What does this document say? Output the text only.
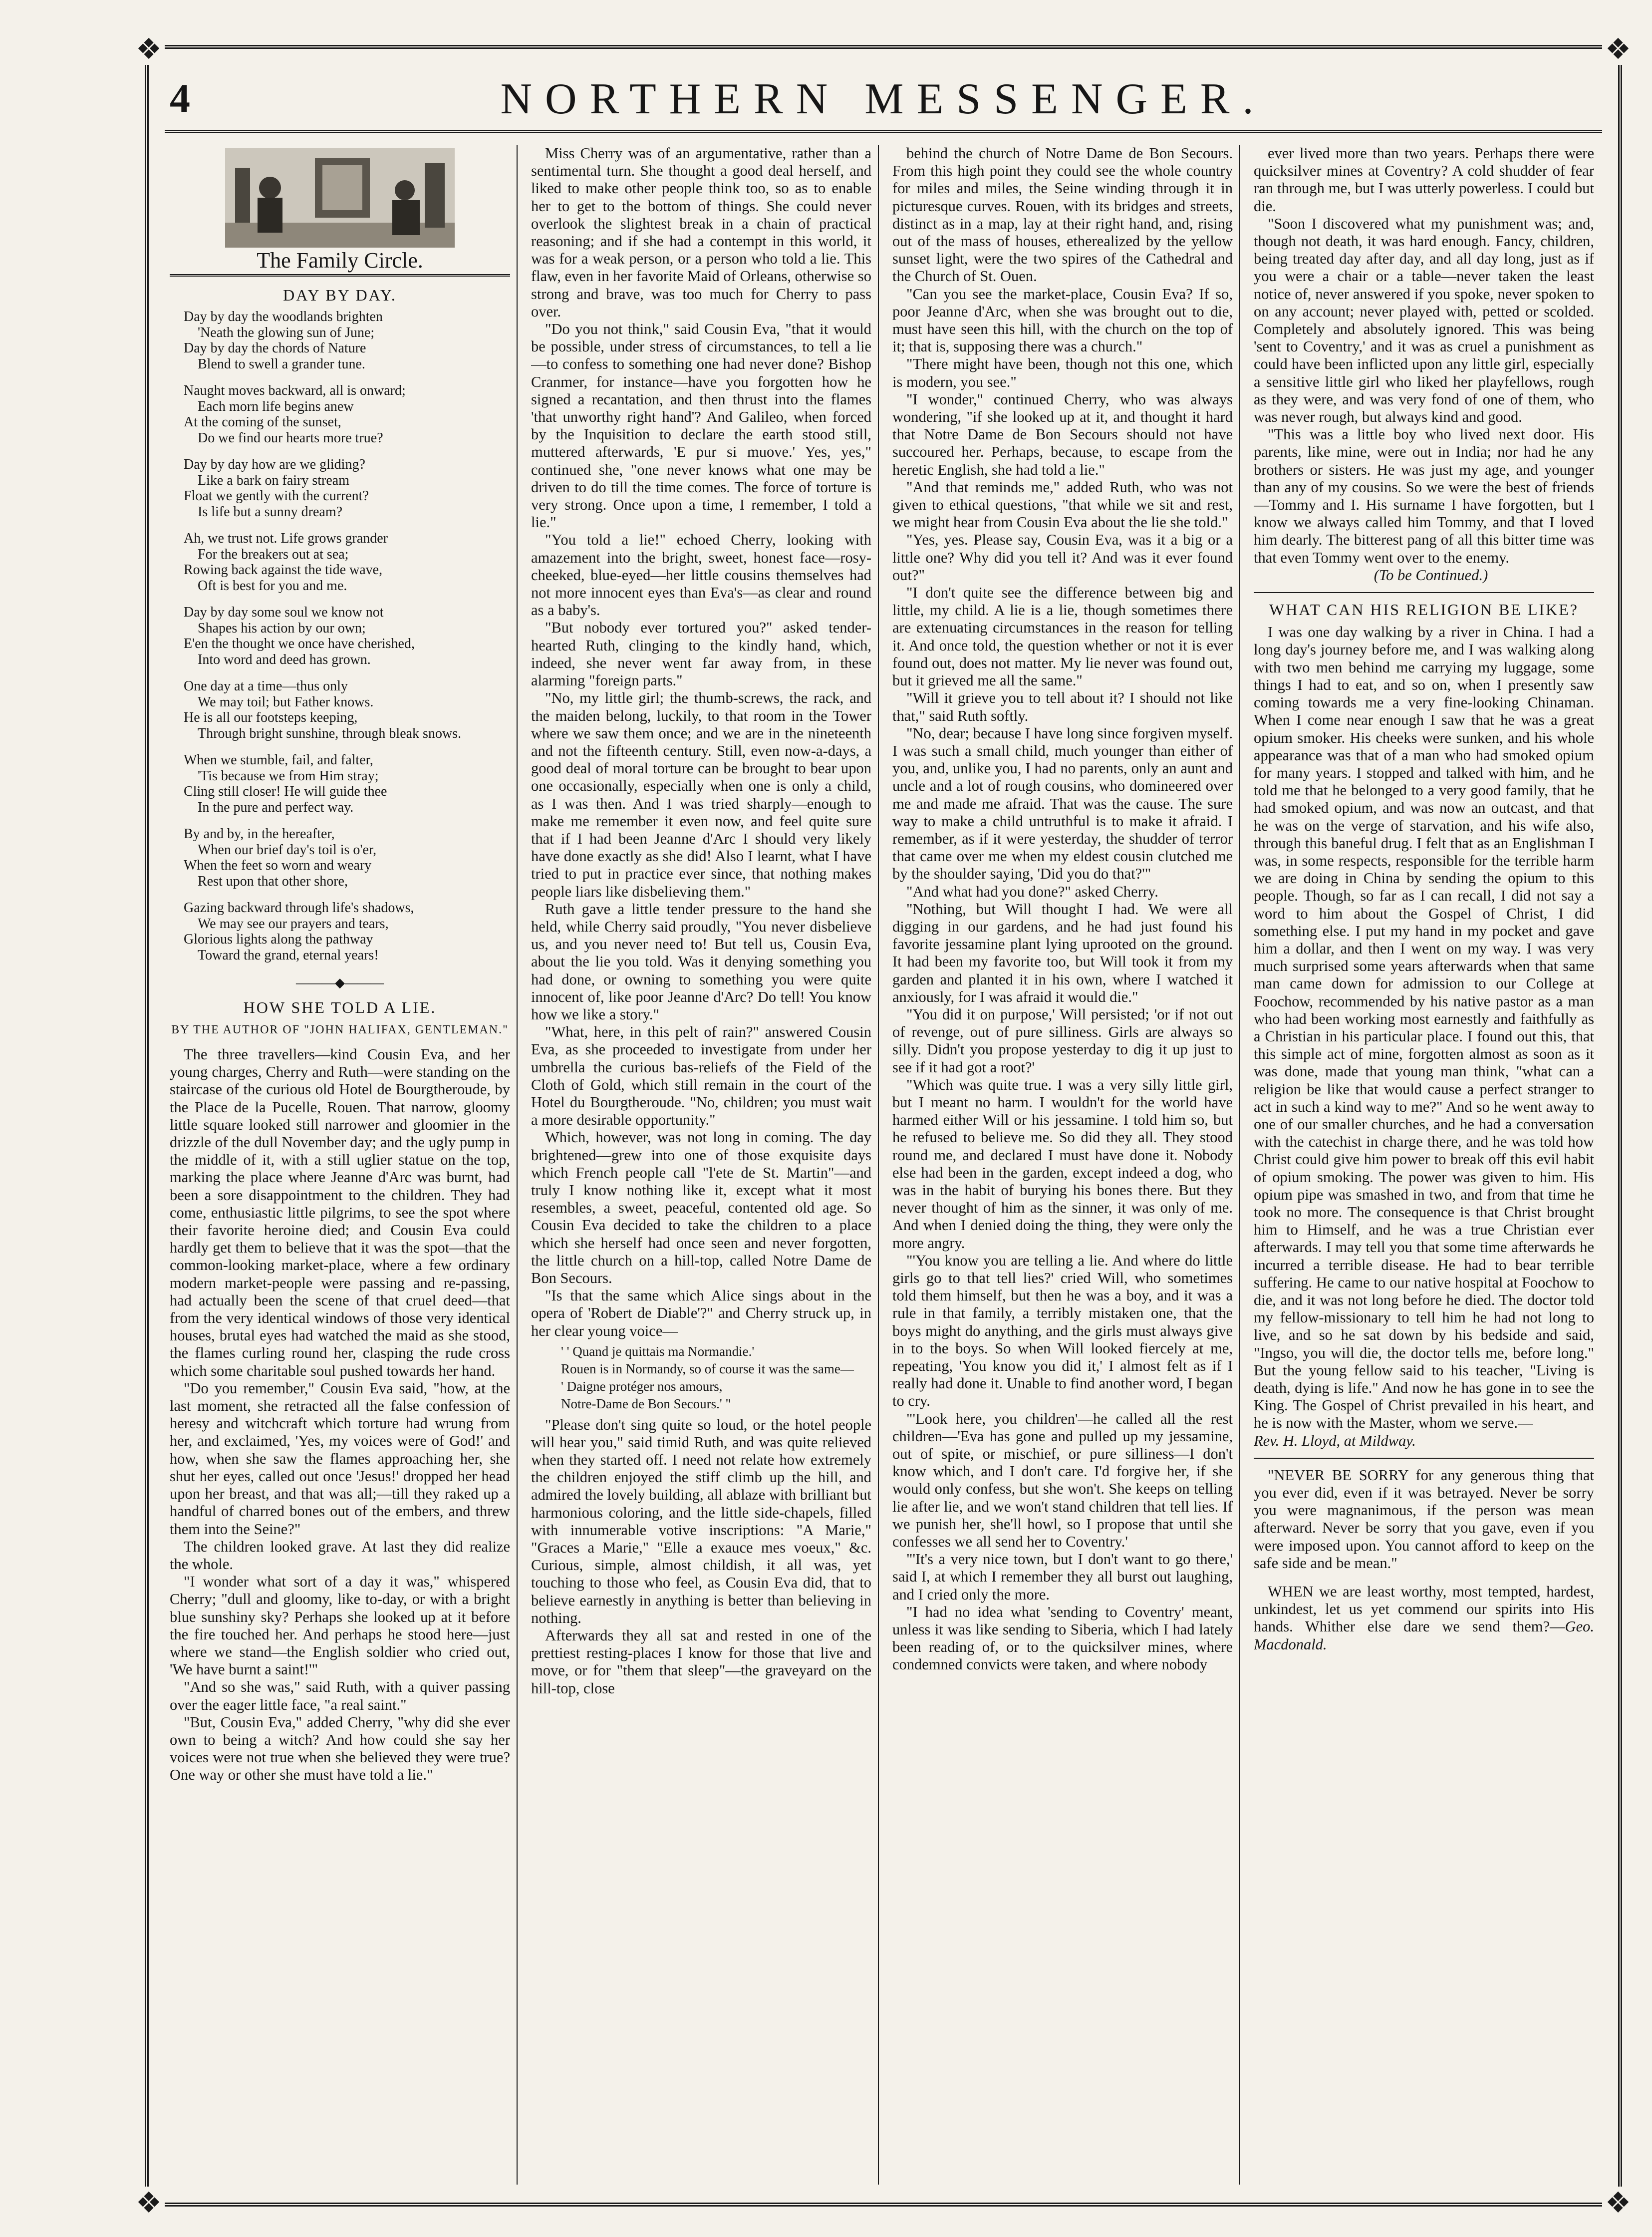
❖	❖
❖	❖
4	NORTHERN MESSENGER.
The Family Circle.
DAY BY DAY.
Day by day the woodlands brighten
'Neath the glowing sun of June;
Day by day the chords of Nature
Blend to swell a grander tune.
Naught moves backward, all is onward;
Each morn life begins anew
At the coming of the sunset,
Do we find our hearts more true?
Day by day how are we gliding?
Like a bark on fairy stream
Float we gently with the current?
Is life but a sunny dream?
Ah, we trust not. Life grows grander
For the breakers out at sea;
Rowing back against the tide wave,
Oft is best for you and me.
Day by day some soul we know not
Shapes his action by our own;
E'en the thought we once have cherished,
Into word and deed has grown.
One day at a time—thus only
We may toil; but Father knows.
He is all our footsteps keeping,
Through bright sunshine, through bleak snows.
When we stumble, fail, and falter,
'Tis because we from Him stray;
Cling still closer! He will guide thee
In the pure and perfect way.
By and by, in the hereafter,
When our brief day's toil is o'er,
When the feet so worn and weary
Rest upon that other shore,
Gazing backward through life's shadows,
We may see our prayers and tears,
Glorious lights along the pathway
Toward the grand, eternal years!
———◆———
HOW SHE TOLD A LIE.
BY THE AUTHOR OF "JOHN HALIFAX, GENTLEMAN."

The three travellers—kind Cousin Eva, and her young charges, Cherry and Ruth—were standing on the staircase of the curious old Hotel de Bourgtheroude, by the Place de la Pucelle, Rouen. That narrow, gloomy little square looked still narrower and gloomier in the drizzle of the dull November day; and the ugly pump in the middle of it, with a still uglier statue on the top, marking the place where Jeanne d'Arc was burnt, had been a sore disappointment to the children. They had come, enthusiastic little pilgrims, to see the spot where their favorite heroine died; and Cousin Eva could hardly get them to believe that it was the spot—that the common-looking market-place, where a few ordinary modern market-people were passing and re-passing, had actually been the scene of that cruel deed—that from the very identical windows of those very identical houses, brutal eyes had watched the maid as she stood, the flames curling round her, clasping the rude cross which some charitable soul pushed towards her hand.

"Do you remember," Cousin Eva said, "how, at the last moment, she retracted all the false confession of heresy and witchcraft which torture had wrung from her, and exclaimed, 'Yes, my voices were of God!' and how, when she saw the flames approaching her, she shut her eyes, called out once 'Jesus!' dropped her head upon her breast, and that was all;—till they raked up a handful of charred bones out of the embers, and threw them into the Seine?"

The children looked grave. At last they did realize the whole.

"I wonder what sort of a day it was," whispered Cherry; "dull and gloomy, like to-day, or with a bright blue sunshiny sky? Perhaps she looked up at it before the fire touched her. And perhaps he stood here—just where we stand—the English soldier who cried out, 'We have burnt a saint!'"

"And so she was," said Ruth, with a quiver passing over the eager little face, "a real saint."

"But, Cousin Eva," added Cherry, "why did she ever own to being a witch? And how could she say her voices were not true when she believed they were true? One way or other she must have told a lie."

Miss Cherry was of an argumentative, rather than a sentimental turn. She thought a good deal herself, and liked to make other people think too, so as to enable her to get to the bottom of things. She could never overlook the slightest break in a chain of practical reasoning; and if she had a contempt in this world, it was for a weak person, or a person who told a lie. This flaw, even in her favorite Maid of Orleans, otherwise so strong and brave, was too much for Cherry to pass over.

"Do you not think," said Cousin Eva, "that it would be possible, under stress of circumstances, to tell a lie—to confess to something one had never done? Bishop Cranmer, for instance—have you forgotten how he signed a recantation, and then thrust into the flames 'that unworthy right hand'? And Galileo, when forced by the Inquisition to declare the earth stood still, muttered afterwards, 'E pur si muove.' Yes, yes," continued she, "one never knows what one may be driven to do till the time comes. The force of torture is very strong. Once upon a time, I remember, I told a lie."

"You told a lie!" echoed Cherry, looking with amazement into the bright, sweet, honest face—rosy-cheeked, blue-eyed—her little cousins themselves had not more innocent eyes than Eva's—as clear and round as a baby's.

"But nobody ever tortured you?" asked tender-hearted Ruth, clinging to the kindly hand, which, indeed, she never went far away from, in these alarming "foreign parts."

"No, my little girl; the thumb-screws, the rack, and the maiden belong, luckily, to that room in the Tower where we saw them once; and we are in the nineteenth and not the fifteenth century. Still, even now-a-days, a good deal of moral torture can be brought to bear upon one occasionally, especially when one is only a child, as I was then. And I was tried sharply—enough to make me remember it even now, and feel quite sure that if I had been Jeanne d'Arc I should very likely have done exactly as she did! Also I learnt, what I have tried to put in practice ever since, that nothing makes people liars like disbelieving them."

Ruth gave a little tender pressure to the hand she held, while Cherry said proudly, "You never disbelieve us, and you never need to! But tell us, Cousin Eva, about the lie you told. Was it denying something you had done, or owning to something you were quite innocent of, like poor Jeanne d'Arc? Do tell! You know how we like a story."

"What, here, in this pelt of rain?" answered Cousin Eva, as she proceeded to investigate from under her umbrella the curious bas-reliefs of the Field of the Cloth of Gold, which still remain in the court of the Hotel du Bourgtheroude. "No, children; you must wait a more desirable opportunity."

Which, however, was not long in coming. The day brightened—grew into one of those exquisite days which French people call "l'ete de St. Martin"—and truly I know nothing like it, except what it most resembles, a sweet, peaceful, contented old age. So Cousin Eva decided to take the children to a place which she herself had once seen and never forgotten, the little church on a hill-top, called Notre Dame de Bon Secours.

"Is that the same which Alice sings about in the opera of 'Robert de Diable'?" and Cherry struck up, in her clear young voice—

' ' Quand je quittais ma Normandie.'
Rouen is in Normandy, so of course it was the same—
' Daigne protéger nos amours,
Notre-Dame de Bon Secours.' "

"Please don't sing quite so loud, or the hotel people will hear you," said timid Ruth, and was quite relieved when they started off. I need not relate how extremely the children enjoyed the stiff climb up the hill, and admired the lovely building, all ablaze with brilliant but harmonious coloring, and the little side-chapels, filled with innumerable votive inscriptions: "A Marie," "Graces a Marie," "Elle a exauce mes voeux," &c. Curious, simple, almost childish, it all was, yet touching to those who feel, as Cousin Eva did, that to believe earnestly in anything is better than believing in nothing.

Afterwards they all sat and rested in one of the prettiest resting-places I know for those that live and move, or for "them that sleep"—the graveyard on the hill-top, close

behind the church of Notre Dame de Bon Secours. From this high point they could see the whole country for miles and miles, the Seine winding through it in picturesque curves. Rouen, with its bridges and streets, distinct as in a map, lay at their right hand, and, rising out of the mass of houses, etherealized by the yellow sunset light, were the two spires of the Cathedral and the Church of St. Ouen.

"Can you see the market-place, Cousin Eva? If so, poor Jeanne d'Arc, when she was brought out to die, must have seen this hill, with the church on the top of it; that is, supposing there was a church."

"There might have been, though not this one, which is modern, you see."

"I wonder," continued Cherry, who was always wondering, "if she looked up at it, and thought it hard that Notre Dame de Bon Secours should not have succoured her. Perhaps, because, to escape from the heretic English, she had told a lie."

"And that reminds me," added Ruth, who was not given to ethical questions, "that while we sit and rest, we might hear from Cousin Eva about the lie she told."

"Yes, yes. Please say, Cousin Eva, was it a big or a little one? Why did you tell it? And was it ever found out?"

"I don't quite see the difference between big and little, my child. A lie is a lie, though sometimes there are extenuating circumstances in the reason for telling it. And once told, the question whether or not it is ever found out, does not matter. My lie never was found out, but it grieved me all the same."

"Will it grieve you to tell about it? I should not like that," said Ruth softly.

"No, dear; because I have long since forgiven myself. I was such a small child, much younger than either of you, and, unlike you, I had no parents, only an aunt and uncle and a lot of rough cousins, who domineered over me and made me afraid. That was the cause. The sure way to make a child untruthful is to make it afraid. I remember, as if it were yesterday, the shudder of terror that came over me when my eldest cousin clutched me by the shoulder saying, 'Did you do that?'"

"And what had you done?" asked Cherry.

"Nothing, but Will thought I had. We were all digging in our gardens, and he had just found his favorite jessamine plant lying uprooted on the ground. It had been my favorite too, but Will took it from my garden and planted it in his own, where I watched it anxiously, for I was afraid it would die."

"You did it on purpose,' Will persisted; 'or if not out of revenge, out of pure silliness. Girls are always so silly. Didn't you propose yesterday to dig it up just to see if it had got a root?'

"Which was quite true. I was a very silly little girl, but I meant no harm. I wouldn't for the world have harmed either Will or his jessamine. I told him so, but he refused to believe me. So did they all. They stood round me, and declared I must have done it. Nobody else had been in the garden, except indeed a dog, who was in the habit of burying his bones there. But they never thought of him as the sinner, it was only of me. And when I denied doing the thing, they were only the more angry.

"'You know you are telling a lie. And where do little girls go to that tell lies?' cried Will, who sometimes told them himself, but then he was a boy, and it was a rule in that family, a terribly mistaken one, that the boys might do anything, and the girls must always give in to the boys. So when Will looked fiercely at me, repeating, 'You know you did it,' I almost felt as if I really had done it. Unable to find another word, I began to cry.

"'Look here, you children'—he called all the rest children—'Eva has gone and pulled up my jessamine, out of spite, or mischief, or pure silliness—I don't know which, and I don't care. I'd forgive her, if she would only confess, but she won't. She keeps on telling lie after lie, and we won't stand children that tell lies. If we punish her, she'll howl, so I propose that until she confesses we all send her to Coventry.'

"'It's a very nice town, but I don't want to go there,' said I, at which I remember they all burst out laughing, and I cried only the more.

"I had no idea what 'sending to Coventry' meant, unless it was like sending to Siberia, which I had lately been reading of, or to the quicksilver mines, where condemned convicts were taken, and where nobody

ever lived more than two years. Perhaps there were quicksilver mines at Coventry? A cold shudder of fear ran through me, but I was utterly powerless. I could but die.

"Soon I discovered what my punishment was; and, though not death, it was hard enough. Fancy, children, being treated day after day, and all day long, just as if you were a chair or a table—never taken the least notice of, never answered if you spoke, never spoken to on any account; never played with, petted or scolded. Completely and absolutely ignored. This was being 'sent to Coventry,' and it was as cruel a punishment as could have been inflicted upon any little girl, especially a sensitive little girl who liked her playfellows, rough as they were, and was very fond of one of them, who was never rough, but always kind and good.

"This was a little boy who lived next door. His parents, like mine, were out in India; nor had he any brothers or sisters. He was just my age, and younger than any of my cousins. So we were the best of friends—Tommy and I. His surname I have forgotten, but I know we always called him Tommy, and that I loved him dearly. The bitterest pang of all this bitter time was that even Tommy went over to the enemy.

(To be Continued.)

WHAT CAN HIS RELIGION BE LIKE?

I was one day walking by a river in China. I had a long day's journey before me, and I was walking along with two men behind me carrying my luggage, some things I had to eat, and so on, when I presently saw coming towards me a very fine-looking Chinaman. When I come near enough I saw that he was a great opium smoker. His cheeks were sunken, and his whole appearance was that of a man who had smoked opium for many years. I stopped and talked with him, and he told me that he belonged to a very good family, that he had smoked opium, and was now an outcast, and that he was on the verge of starvation, and his wife also, through this baneful drug. I felt that as an Englishman I was, in some respects, responsible for the terrible harm we are doing in China by sending the opium to this people. Though, so far as I can recall, I did not say a word to him about the Gospel of Christ, I did something else. I put my hand in my pocket and gave him a dollar, and then I went on my way. I was very much surprised some years afterwards when that same man came down for admission to our College at Foochow, recommended by his native pastor as a man who had been working most earnestly and faithfully as a Christian in his particular place. I found out this, that this simple act of mine, forgotten almost as soon as it was done, made that young man think, "what can a religion be like that would cause a perfect stranger to act in such a kind way to me?" And so he went away to one of our smaller churches, and he had a conversation with the catechist in charge there, and he was told how Christ could give him power to break off this evil habit of opium smoking. The power was given to him. His opium pipe was smashed in two, and from that time he took no more. The consequence is that Christ brought him to Himself, and he was a true Christian ever afterwards. I may tell you that some time afterwards he incurred a terrible disease. He had to bear terrible suffering. He came to our native hospital at Foochow to die, and it was not long before he died. The doctor told my fellow-missionary to tell him he had not long to live, and so he sat down by his bedside and said, "Ingso, you will die, the doctor tells me, before long." But the young fellow said to his teacher, "Living is death, dying is life." And now he has gone in to see the King. The Gospel of Christ prevailed in his heart, and he is now with the Master, whom we serve.—

Rev. H. Lloyd, at Mildway.

"NEVER BE SORRY for any generous thing that you ever did, even if it was betrayed. Never be sorry you were magnanimous, if the person was mean afterward. Never be sorry that you gave, even if you were imposed upon. You cannot afford to keep on the safe side and be mean."

WHEN we are least worthy, most tempted, hardest, unkindest, let us yet commend our spirits into His hands. Whither else dare we send them?—Geo. Macdonald.
